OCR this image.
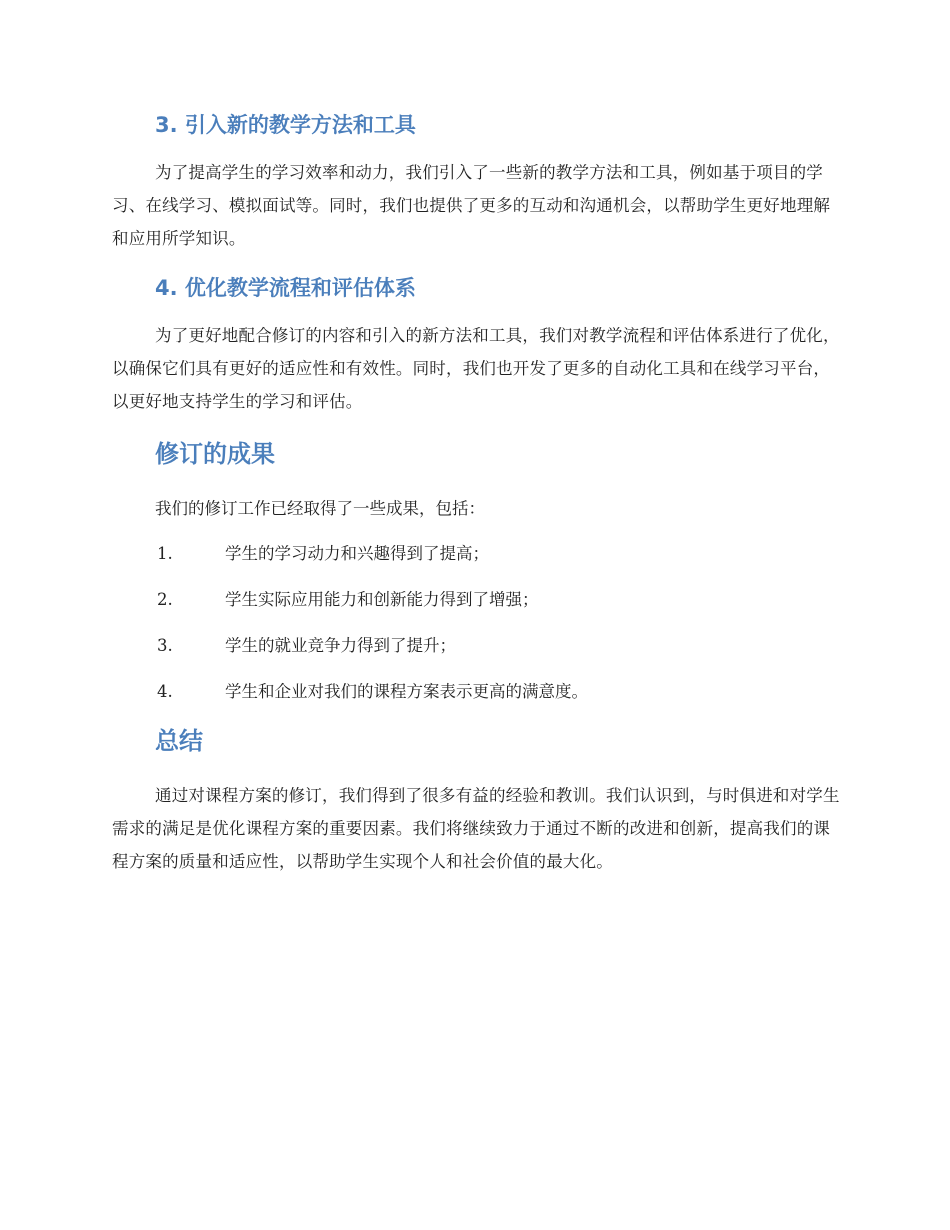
3. 引入新的教学方法和工具

为了提高学生的学习效率和动力，我们引入了一些新的教学方法和工具，例如基于项目的学习、在线学习、模拟面试等。同时，我们也提供了更多的互动和沟通机会，以帮助学生更好地理解和应用所学知识。

4. 优化教学流程和评估体系

为了更好地配合修订的内容和引入的新方法和工具，我们对教学流程和评估体系进行了优化，以确保它们具有更好的适应性和有效性。同时，我们也开发了更多的自动化工具和在线学习平台，以更好地支持学生的学习和评估。

修订的成果

我们的修订工作已经取得了一些成果，包括：

1.	学生的学习动力和兴趣得到了提高；
2.	学生实际应用能力和创新能力得到了增强；
3.	学生的就业竞争力得到了提升；
4.	学生和企业对我们的课程方案表示更高的满意度。
总结

通过对课程方案的修订，我们得到了很多有益的经验和教训。我们认识到，与时俱进和对学生需求的满足是优化课程方案的重要因素。我们将继续致力于通过不断的改进和创新，提高我们的课程方案的质量和适应性，以帮助学生实现个人和社会价值的最大化。
